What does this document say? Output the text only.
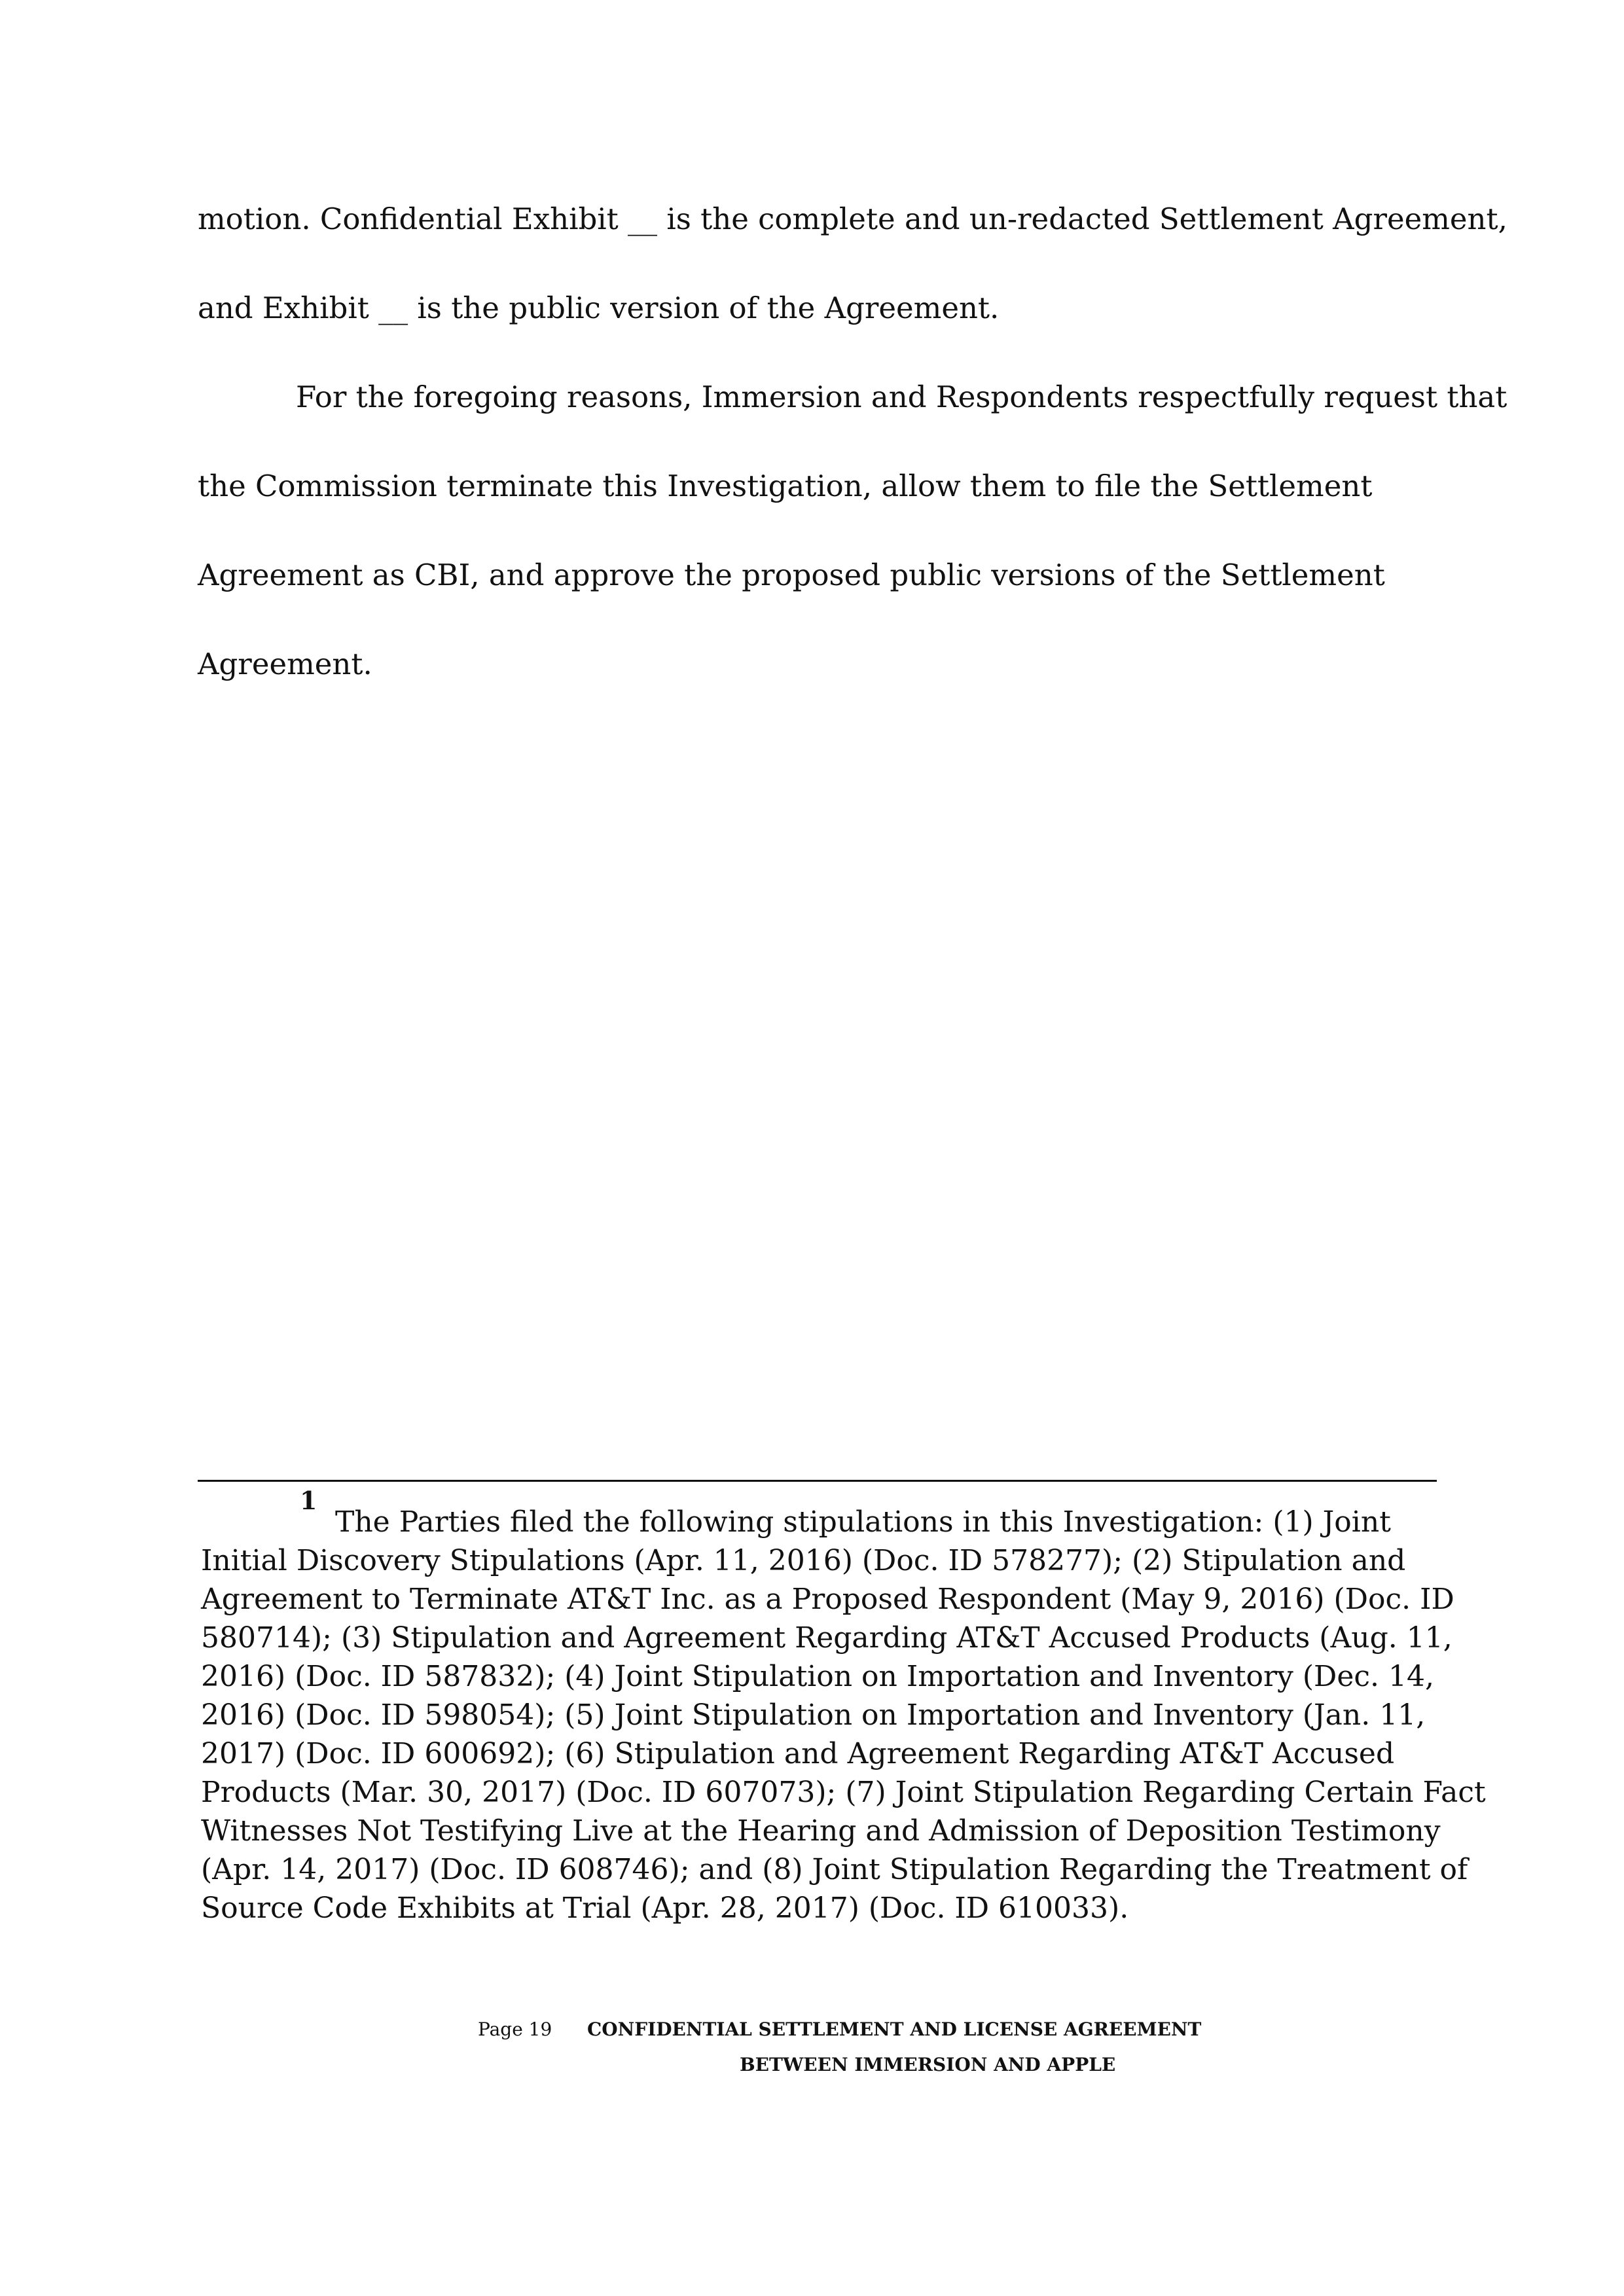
motion. Confidential Exhibit __ is the complete and un-redacted Settlement Agreement,
and Exhibit __ is the public version of the Agreement.
For the foregoing reasons, Immersion and Respondents respectfully request that
the Commission terminate this Investigation, allow them to file the Settlement
Agreement as CBI, and approve the proposed public versions of the Settlement
Agreement.
1
The Parties filed the following stipulations in this Investigation: (1) Joint
Initial Discovery Stipulations (Apr. 11, 2016) (Doc. ID 578277); (2) Stipulation and
Agreement to Terminate AT&T Inc. as a Proposed Respondent (May 9, 2016) (Doc. ID
580714); (3) Stipulation and Agreement Regarding AT&T Accused Products (Aug. 11,
2016) (Doc. ID 587832); (4) Joint Stipulation on Importation and Inventory (Dec. 14,
2016) (Doc. ID 598054); (5) Joint Stipulation on Importation and Inventory (Jan. 11,
2017) (Doc. ID 600692); (6) Stipulation and Agreement Regarding AT&T Accused
Products (Mar. 30, 2017) (Doc. ID 607073); (7) Joint Stipulation Regarding Certain Fact
Witnesses Not Testifying Live at the Hearing and Admission of Deposition Testimony
(Apr. 14, 2017) (Doc. ID 608746); and (8) Joint Stipulation Regarding the Treatment of
Source Code Exhibits at Trial (Apr. 28, 2017) (Doc. ID 610033).
Page 19 CONFIDENTIAL SETTLEMENT AND LICENSE AGREEMENT
BETWEEN IMMERSION AND APPLE
